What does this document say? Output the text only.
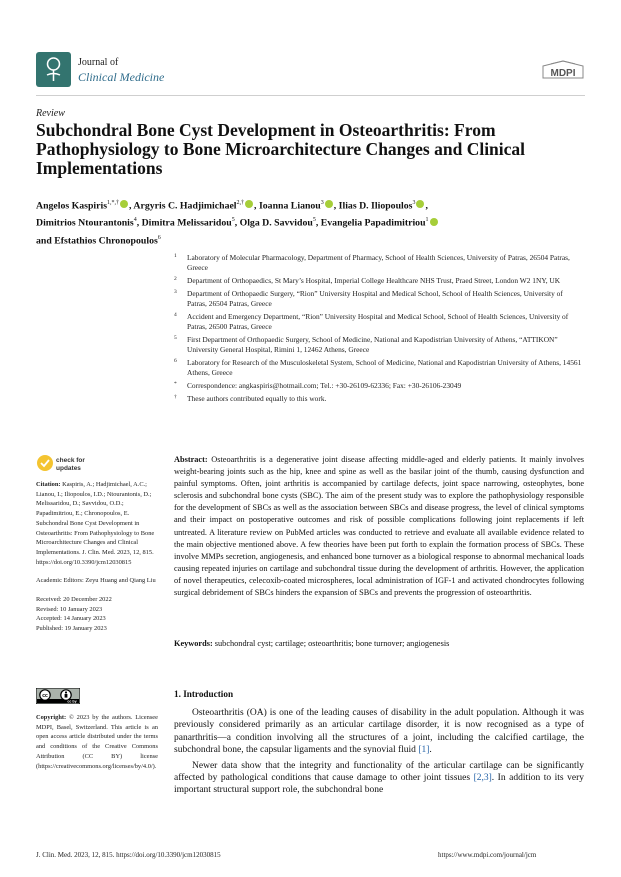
Journal of
Clinical Medicine	MDPI
Review
Subchondral Bone Cyst Development in Osteoarthritis: From Pathophysiology to Bone Microarchitecture Changes and Clinical Implementations
Angelos Kaspiris$^{1,*,\dagger}$ , Argyris C. Hadjimichael$^{2,\dagger}$ , Ioanna Lianou$^3$ , Ilias D. Iliopoulos$^3$ ,
Dimitrios Ntourantonis$^4$, Dimitra Melissaridou$^5$, Olga D. Savvidou$^5$, Evangelia Papadimitriou$^1$
and Efstathios Chronopoulos$^6$
1 Laboratory of Molecular Pharmacology, Department of Pharmacy, School of Health Sciences, University of Patras, 26504 Patras, Greece
2 Department of Orthopaedics, St Mary’s Hospital, Imperial College Healthcare NHS Trust, Praed Street, London W2 1NY, UK
3 Department of Orthopaedic Surgery, “Rion” University Hospital and Medical School, School of Health Sciences, University of Patras, 26504 Patras, Greece
4 Accident and Emergency Department, “Rion” University Hospital and Medical School, School of Health Sciences, University of Patras, 26500 Patras, Greece
5 First Department of Orthopaedic Surgery, School of Medicine, National and Kapodistrian University of Athens, “ATTIKON” University General Hospital, Rimini 1, 12462 Athens, Greece
6 Laboratory for Research of the Musculoskeletal System, School of Medicine, National and Kapodistrian University of Athens, 14561 Athens, Greece
* Correspondence: angkaspiris@hotmail.com; Tel.: +30-26109-62336; Fax: +30-26106-23049
† These authors contributed equally to this work.
check for
updates

Citation: Kaspiris, A.; Hadjimichael, A.C.; Lianou, I.; Iliopoulos, I.D.; Ntourantonis, D.; Melissaridou, D.; Savvidou, O.D.; Papadimitriou, E.; Chronopoulos, E. Subchondral Bone Cyst Development in Osteoarthritis: From Pathophysiology to Bone Microarchitecture Changes and Clinical Implementations. J. Clin. Med. 2023, 12, 815. https://doi.org/10.3390/jcm12030815

Academic Editors: Zeyu Huang and Qiang Liu

Received: 20 December 2022

Revised: 10 January 2023

Accepted: 14 January 2023

Published: 19 January 2023

cc
cc by

Copyright: © 2023 by the authors. Licensee MDPI, Basel, Switzerland. This article is an open access article distributed under the terms and conditions of the Creative Commons Attribution (CC BY) license (https://creativecommons.org/licenses/by/4.0/).

Abstract: Osteoarthritis is a degenerative joint disease affecting middle-aged and elderly patients. It mainly involves weight-bearing joints such as the hip, knee and spine as well as the basilar joint of the thumb, causing dysfunction and painful symptoms. Often, joint arthritis is accompanied by cartilage defects, joint space narrowing, osteophytes, bone sclerosis and subchondral bone cysts (SBC). The aim of the present study was to explore the pathophysiology responsible for the development of SBCs as well as the association between SBCs and disease progress, the level of clinical symptoms and their impact on postoperative outcomes and risk of possible complications following joint replacements if left untreated. A literature review on PubMed articles was conducted to retrieve and evaluate all available evidence related to the main objective mentioned above. A few theories have been put forth to explain the formation process of SBCs. These involve MMPs secretion, angiogenesis, and enhanced bone turnover as a biological response to abnormal mechanical loads causing repeated injuries on cartilage and subchondral tissue during the development of arthritis. However, the application of novel therapeutics, celecoxib-coated microspheres, local administration of IGF-1 and activated chondrocytes following surgical debridement of SBCs hinders the expansion of SBCs and prevents the progression of osteoarthritis.
Keywords: subchondral cyst; cartilage; osteoarthritis; bone turnover; angiogenesis
1. Introduction

Osteoarthritis (OA) is one of the leading causes of disability in the adult population. Although it was previously considered primarily as an articular cartilage disorder, it is now recognised as a type of panarthritis—a condition involving all the structures of a joint, including the calcified cartilage, the subchondral bone, the capsular ligaments and the synovial fluid [1].

Newer data show that the integrity and functionality of the articular cartilage can be significantly affected by pathological conditions that cause damage to other joint tissues [2,3]. In addition to its very important structural support role, the subchondral bone

J. Clin. Med. 2023, 12, 815. https://doi.org/10.3390/jcm12030815	https://www.mdpi.com/journal/jcm
